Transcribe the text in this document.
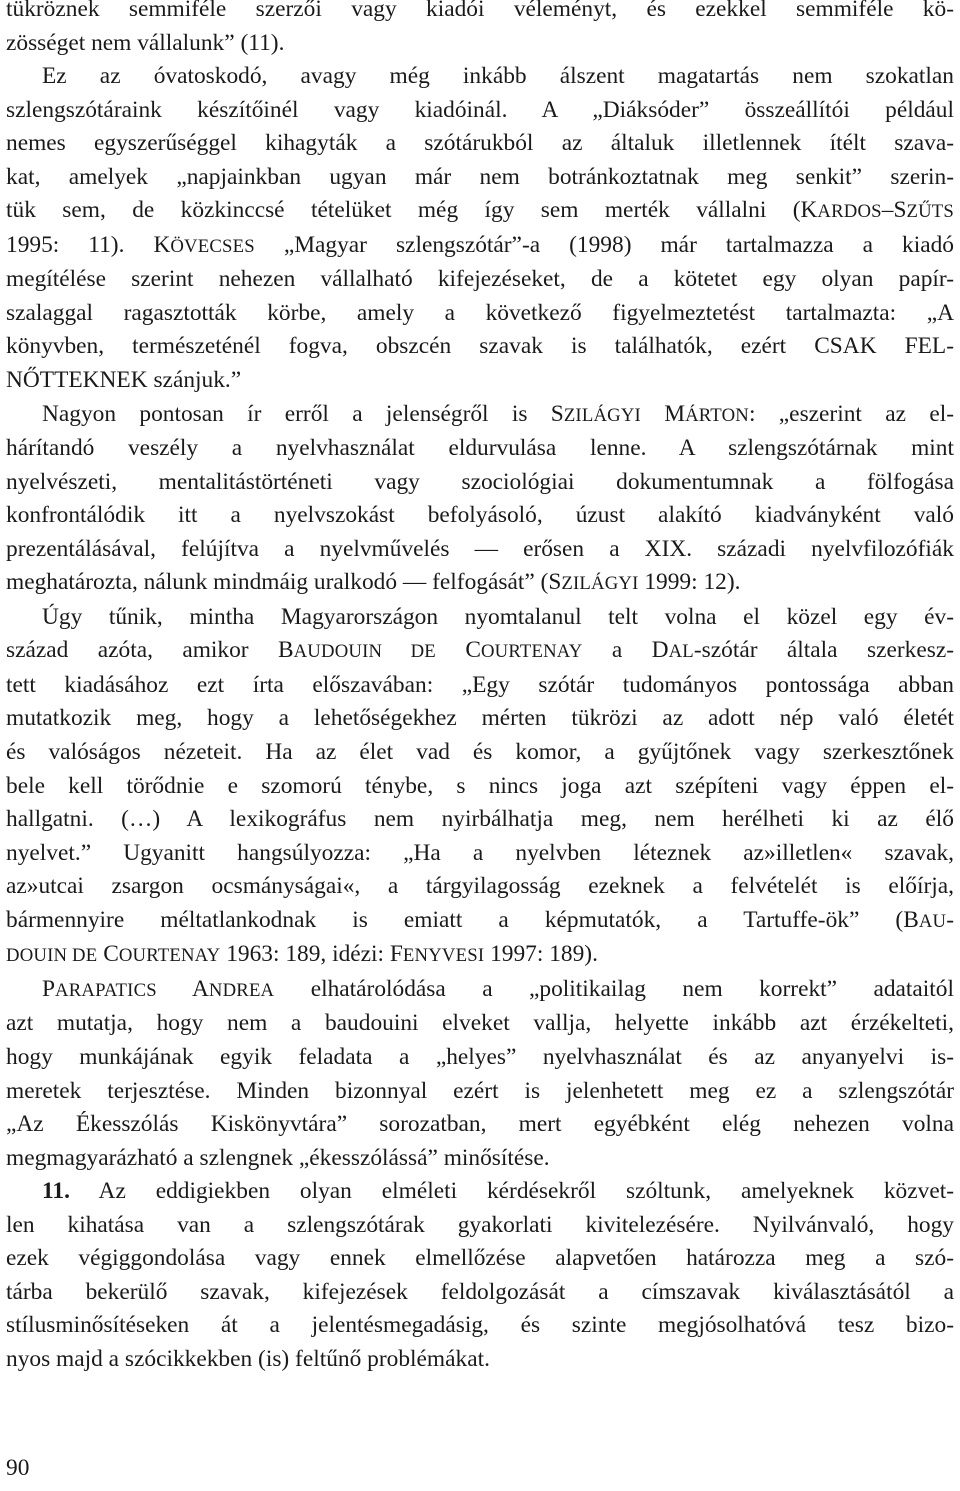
tükröznek semmiféle szerzői vagy kiadói véleményt, és ezekkel semmiféle kö-
zösséget nem vállalunk” (11).
Ez az óvatoskodó, avagy még inkább álszent magatartás nem szokatlan
szlengszótáraink készítőinél vagy kiadóinál. A „Diáksóder” összeállítói például
nemes egyszerűséggel kihagyták a szótárukból az általuk illetlennek ítélt szava-
kat, amelyek „napjainkban ugyan már nem botránkoztatnak meg senkit” szerin-
tük sem, de közkinccsé tételüket még így sem merték vállalni (KARDOS–SZŰTS
1995: 11). KÖVECSES „Magyar szlengszótár”-a (1998) már tartalmazza a kiadó
megítélése szerint nehezen vállalható kifejezéseket, de a kötetet egy olyan papír-
szalaggal ragasztották körbe, amely a következő figyelmeztetést tartalmazta: „A
könyvben, természeténél fogva, obszcén szavak is találhatók, ezért CSAK FEL-
NŐTTEKNEK szánjuk.”
Nagyon pontosan ír erről a jelenségről is SZILÁGYI MÁRTON: „eszerint az el-
hárítandó veszély a nyelvhasználat eldurvulása lenne. A szlengszótárnak mint
nyelvészeti, mentalitástörténeti vagy szociológiai dokumentumnak a fölfogása
konfrontálódik itt a nyelvszokást befolyásoló, úzust alakító kiadványként való
prezentálásával, felújítva a nyelvművelés — erősen a XIX. századi nyelvfilozófiák
meghatározta, nálunk mindmáig uralkodó — felfogását” (SZILÁGYI 1999: 12).
Úgy tűnik, mintha Magyarországon nyomtalanul telt volna el közel egy év-
század azóta, amikor BAUDOUIN DE COURTENAY a DAL-szótár általa szerkesz-
tett kiadásához ezt írta előszavában: „Egy szótár tudományos pontossága abban
mutatkozik meg, hogy a lehetőségekhez mérten tükrözi az adott nép való életét
és valóságos nézeteit. Ha az élet vad és komor, a gyűjtőnek vagy szerkesztőnek
bele kell törődnie e szomorú ténybe, s nincs joga azt szépíteni vagy éppen el-
hallgatni. (…) A lexikográfus nem nyirbálhatja meg, nem herélheti ki az élő
nyelvet.” Ugyanitt hangsúlyozza: „Ha a nyelvben léteznek az»illetlen« szavak,
az»utcai zsargon ocsmányságai«, a tárgyilagosság ezeknek a felvételét is előírja,
bármennyire méltatlankodnak is emiatt a képmutatók, a Tartuffe-ök” (BAU-
DOUIN DE COURTENAY 1963: 189, idézi: FENYVESI 1997: 189).
PARAPATICS ANDREA elhatárolódása a „politikailag nem korrekt” adataitól
azt mutatja, hogy nem a baudouini elveket vallja, helyette inkább azt érzékelteti,
hogy munkájának egyik feladata a „helyes” nyelvhasználat és az anyanyelvi is-
meretek terjesztése. Minden bizonnyal ezért is jelenhetett meg ez a szlengszótár
„Az Ékesszólás Kiskönyvtára” sorozatban, mert egyébként elég nehezen volna
megmagyarázható a szlengnek „ékesszólássá” minősítése.
11. Az eddigiekben olyan elméleti kérdésekről szóltunk, amelyeknek közvet-
len kihatása van a szlengszótárak gyakorlati kivitelezésére. Nyilvánvaló, hogy
ezek végiggondolása vagy ennek elmellőzése alapvetően határozza meg a szó-
tárba bekerülő szavak, kifejezések feldolgozását a címszavak kiválasztásától a
stílusminősítéseken át a jelentésmegadásig, és szinte megjósolhatóvá tesz bizo-
nyos majd a szócikkekben (is) feltűnő problémákat.
90
